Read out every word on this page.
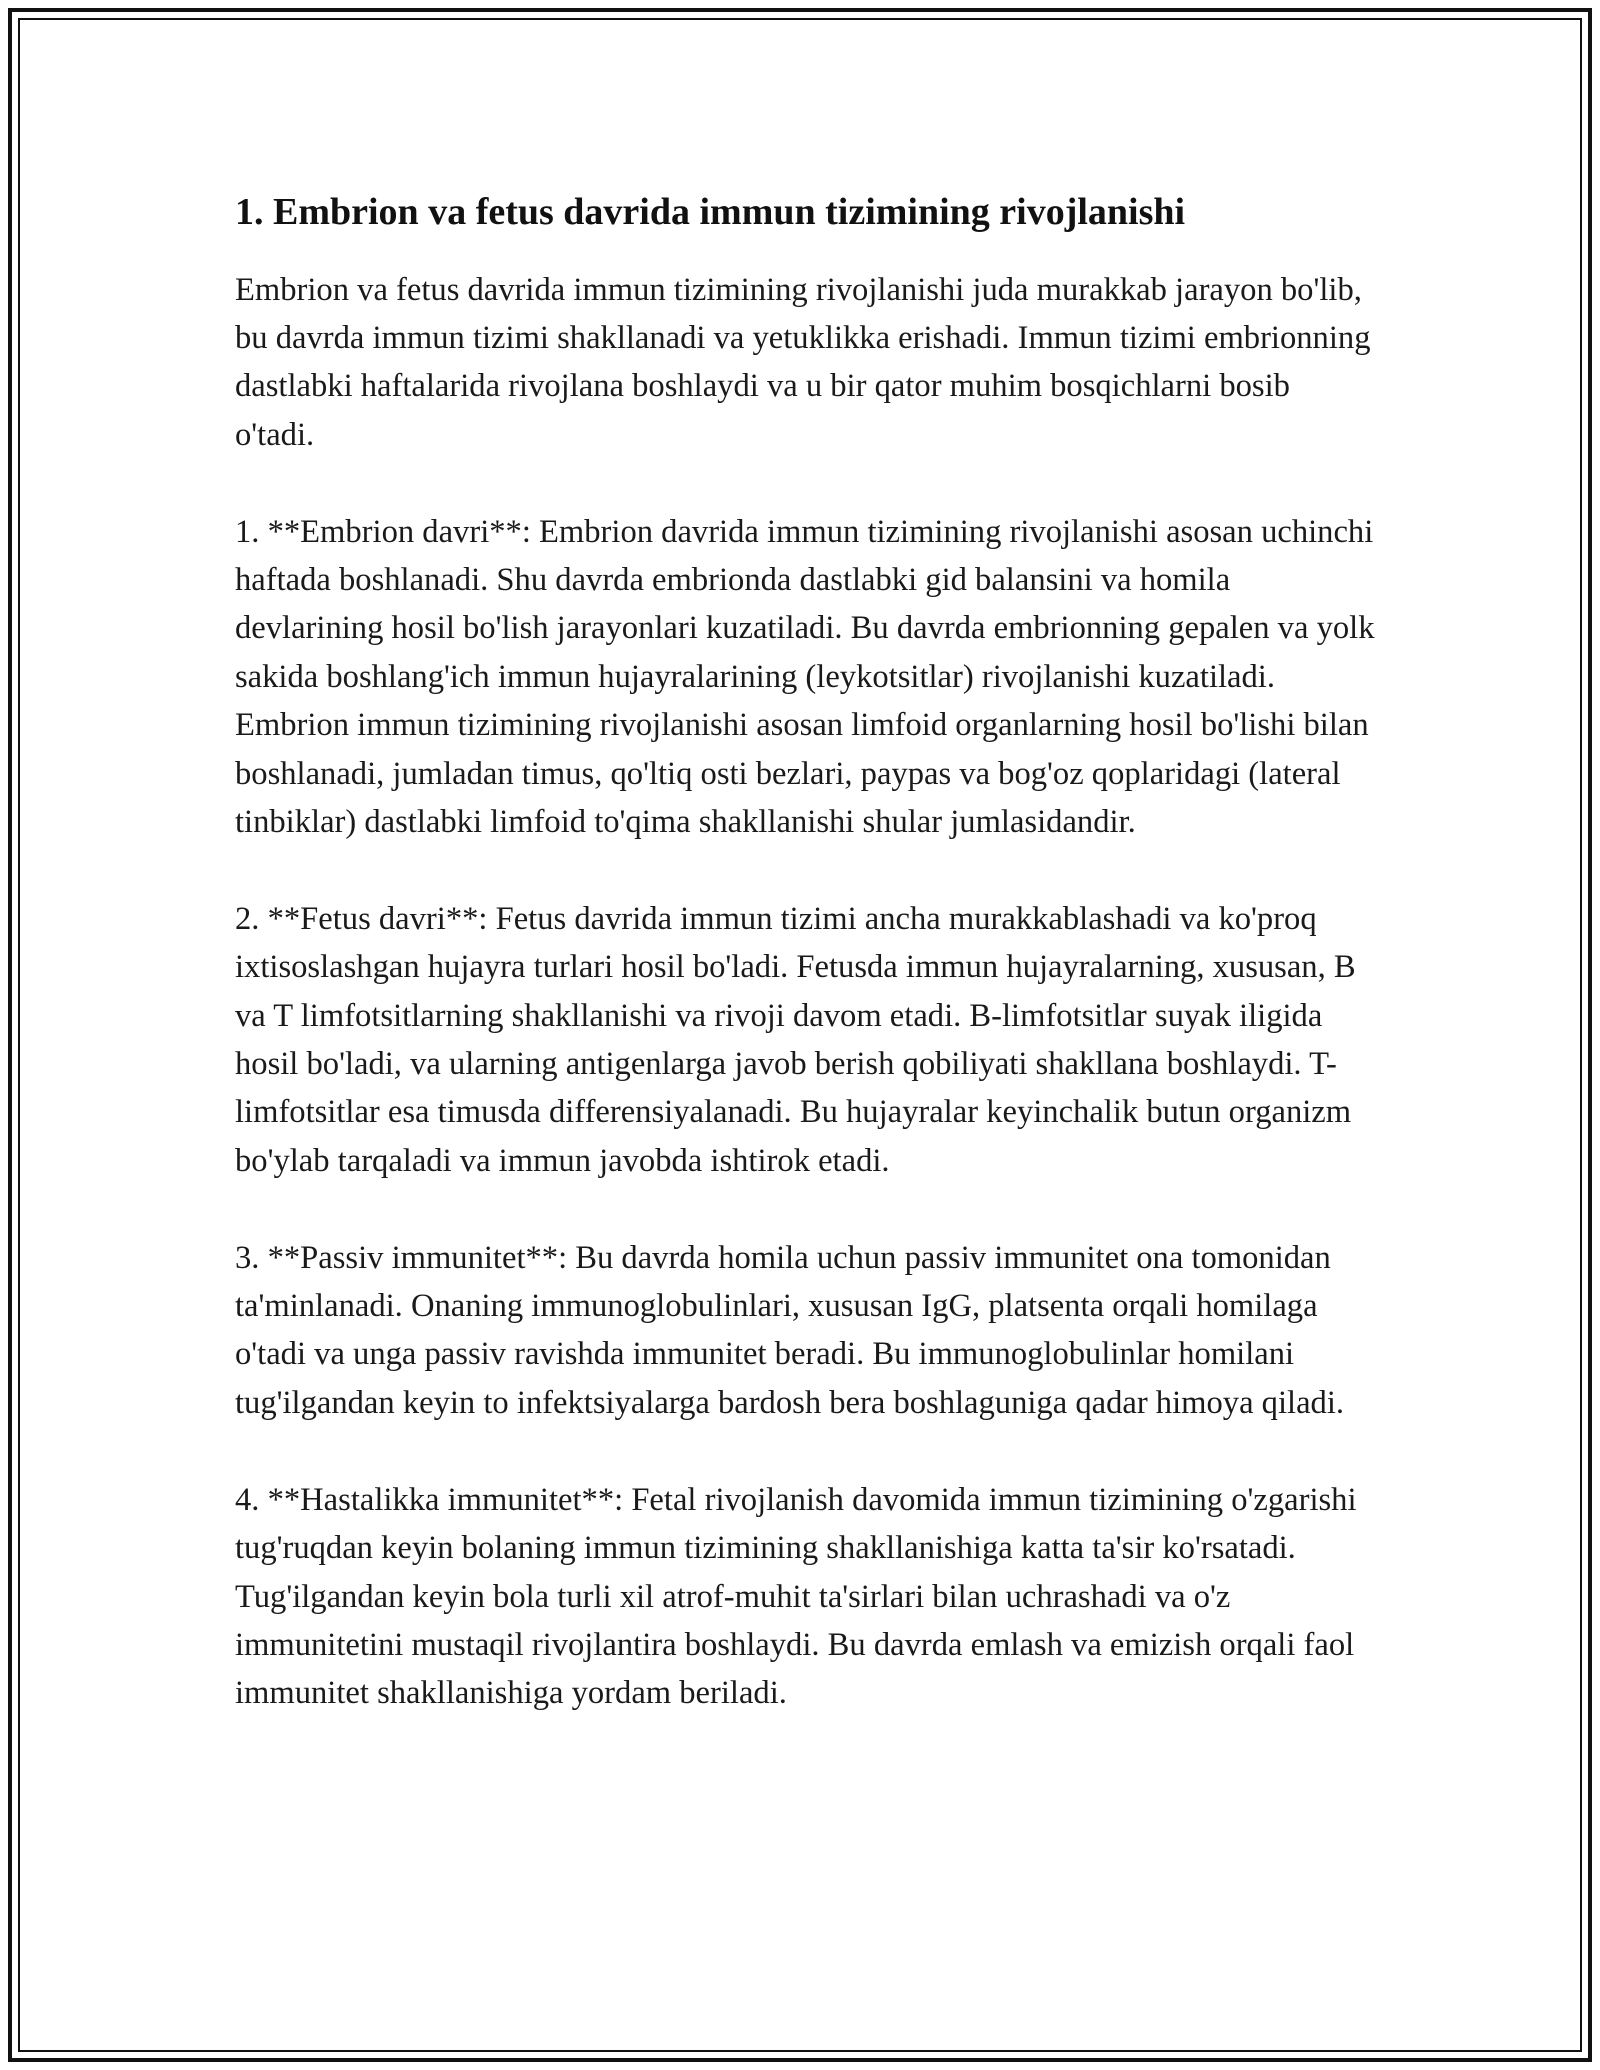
1. Embrion va fetus davrida immun tizimining rivojlanishi

Embrion va fetus davrida immun tizimining rivojlanishi juda murakkab jarayon bo'lib, bu davrda immun tizimi shakllanadi va yetuklikka erishadi. Immun tizimi embrionning dastlabki haftalarida rivojlana boshlaydi va u bir qator muhim bosqichlarni bosib o'tadi.

1. **Embrion davri**: Embrion davrida immun tizimining rivojlanishi asosan uchinchi haftada boshlanadi. Shu davrda embrionda dastlabki gid balansini va homila devlarining hosil bo'lish jarayonlari kuzatiladi. Bu davrda embrionning gepalen va yolk sakida boshlang'ich immun hujayralarining (leykotsitlar) rivojlanishi kuzatiladi. Embrion immun tizimining rivojlanishi asosan limfoid organlarning hosil bo'lishi bilan boshlanadi, jumladan timus, qo'ltiq osti bezlari, paypas va bog'oz qoplaridagi (lateral tinbiklar) dastlabki limfoid to'qima shakllanishi shular jumlasidandir.

2. **Fetus davri**: Fetus davrida immun tizimi ancha murakkablashadi va ko'proq ixtisoslashgan hujayra turlari hosil bo'ladi. Fetusda immun hujayralarning, xususan, B va T limfotsitlarning shakllanishi va rivoji davom etadi. B-limfotsitlar suyak iligida hosil bo'ladi, va ularning antigenlarga javob berish qobiliyati shakllana boshlaydi. T-limfotsitlar esa timusda differensiyalanadi. Bu hujayralar keyinchalik butun organizm bo'ylab tarqaladi va immun javobda ishtirok etadi.

3. **Passiv immunitet**: Bu davrda homila uchun passiv immunitet ona tomonidan ta'minlanadi. Onaning immunoglobulinlari, xususan IgG, platsenta orqali homilaga o'tadi va unga passiv ravishda immunitet beradi. Bu immunoglobulinlar homilani tug'ilgandan keyin to infektsiyalarga bardosh bera boshlaguniga qadar himoya qiladi.

4. **Hastalikka immunitet**: Fetal rivojlanish davomida immun tizimining o'zgarishi tug'ruqdan keyin bolaning immun tizimining shakllanishiga katta ta'sir ko'rsatadi. Tug'ilgandan keyin bola turli xil atrof-muhit ta'sirlari bilan uchrashadi va o'z immunitetini mustaqil rivojlantira boshlaydi. Bu davrda emlash va emizish orqali faol immunitet shakllanishiga yordam beriladi.
